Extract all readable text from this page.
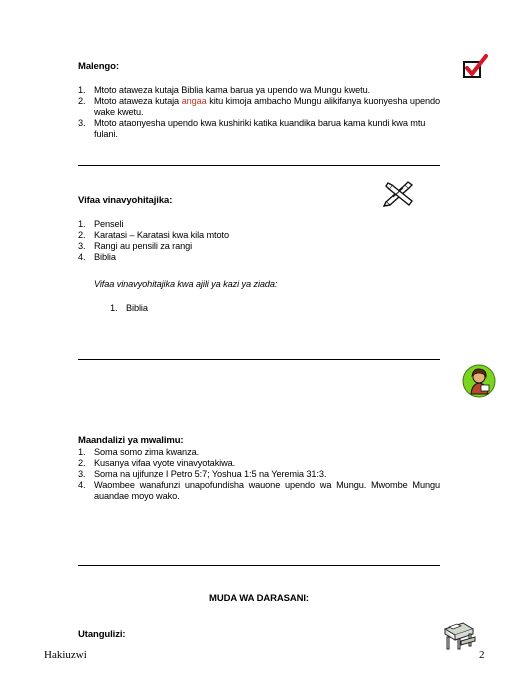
Malengo:
1. Mtoto ataweza kutaja Biblia kama barua ya upendo wa Mungu kwetu.
2. Mtoto ataweza kutaja angaa kitu kimoja ambacho Mungu alikifanya kuonyesha upendo wake kwetu.
3. Mtoto ataonyesha upendo kwa kushiriki katika kuandika barua kama kundi kwa mtu fulani.
Vifaa vinavyohitajika:
1. Penseli
2. Karatasi – Karatasi kwa kila mtoto
3. Rangi au pensili za rangi
4. Biblia
Vifaa vinavyohitajika kwa ajili ya kazi ya ziada:
1. Biblia
Maandalizi ya mwalimu:
1. Soma somo zima kwanza.
2. Kusanya vifaa vyote vinavyotakiwa.
3. Soma na ujifunze I Petro 5:7; Yoshua 1:5 na Yeremia 31:3.
4. Waombee wanafunzi unapofundisha wauone upendo wa Mungu. Mwombe Mungu auandae moyo wako.
MUDA WA DARASANI:
Utangulizi:
Hakiuzwi	2
